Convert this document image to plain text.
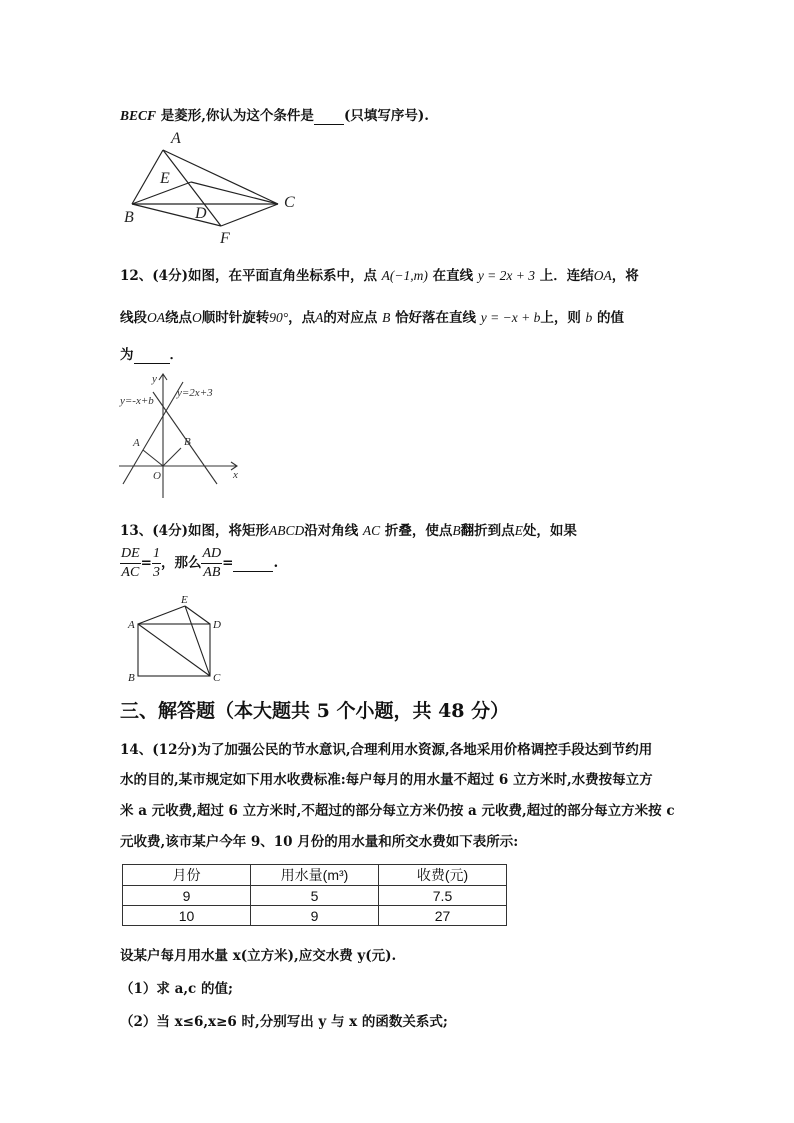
BECF 是菱形,你认为这个条件是 (只填写序号).
A
E
C
D
B
F
12、(4分)如图，在平面直角坐标系中，点 A(−1,m) 在直线 y = 2x + 3 上．连结OA，将
线段OA绕点O顺时针旋转90°，点A的对应点 B 恰好落在直线 y = −x + b上，则 b 的值
为	．
y=-x+b
y=2x+3
y
x
A	B
O
13、(4分)如图，将矩形ABCD沿对角线 AC 折叠，使点B翻折到点E处，如果
$\frac{DE}{AC} = \frac{1}{3}$ ，那么 $\frac{AD}{AB}$ =	.
A
E
D
B	C
三、解答题（本大题共 5 个小题，共 48 分）
14、(12分)为了加强公民的节水意识,合理利用水资源,各地采用价格调控手段达到节约用
水的目的,某市规定如下用水收费标准:每户每月的用水量不超过 6 立方米时,水费按每立方
米 a 元收费,超过 6 立方米时,不超过的部分每立方米仍按 a 元收费,超过的部分每立方米按 c
元收费,该市某户今年 9、10 月份的用水量和所交水费如下表所示:
月份	用水量(m³)	收费(元)
9	5	7.5
10	9	27
设某户每月用水量 x(立方米),应交水费 y(元).
（1）求 a,c 的值;
（2）当 x≤6,x≥6 时,分别写出 y 与 x 的函数关系式;
